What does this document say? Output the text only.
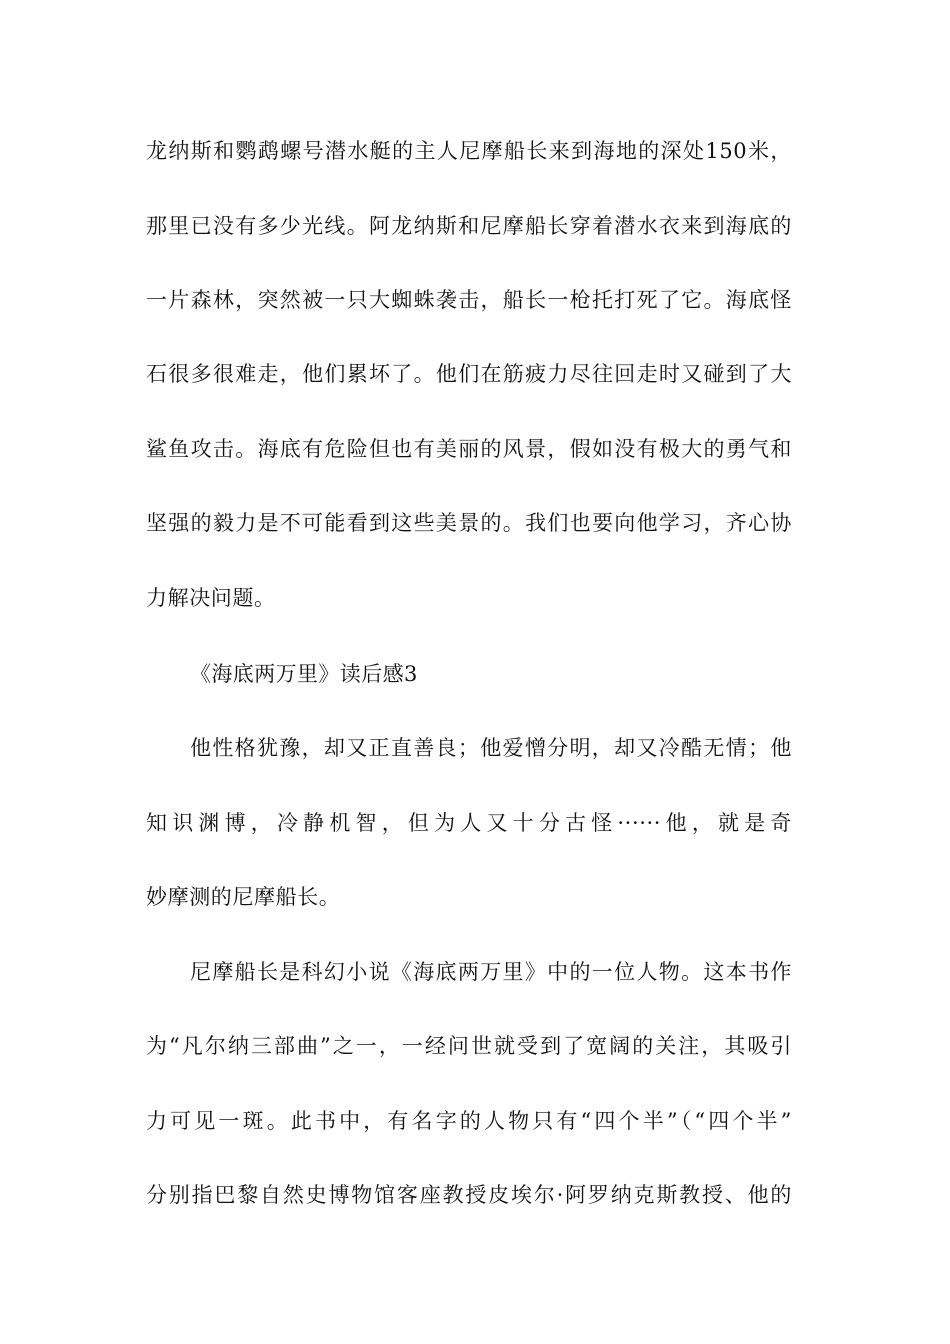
龙纳斯和鹦鹉螺号潜水艇的主人尼摩船长来到海地的深处150米，
那里已没有多少光线。阿龙纳斯和尼摩船长穿着潜水衣来到海底的
一片森林，突然被一只大蜘蛛袭击，船长一枪托打死了它。海底怪
石很多很难走，他们累坏了。他们在筋疲力尽往回走时又碰到了大
鲨鱼攻击。海底有危险但也有美丽的风景，假如没有极大的勇气和
坚强的毅力是不可能看到这些美景的。我们也要向他学习，齐心协
力解决问题。
《海底两万里》读后感3
他性格犹豫，却又正直善良；他爱憎分明，却又冷酷无情；他
知识渊博，冷静机智，但为人又十分古怪······他，就是奇
妙摩测的尼摩船长。
尼摩船长是科幻小说《海底两万里》中的一位人物。这本书作
为“凡尔纳三部曲”之一，一经问世就受到了宽阔的关注，其吸引
力可见一斑。此书中，有名字的人物只有“四个半”（“四个半”
分别指巴黎自然史博物馆客座教授皮埃尔·阿罗纳克斯教授、他的
